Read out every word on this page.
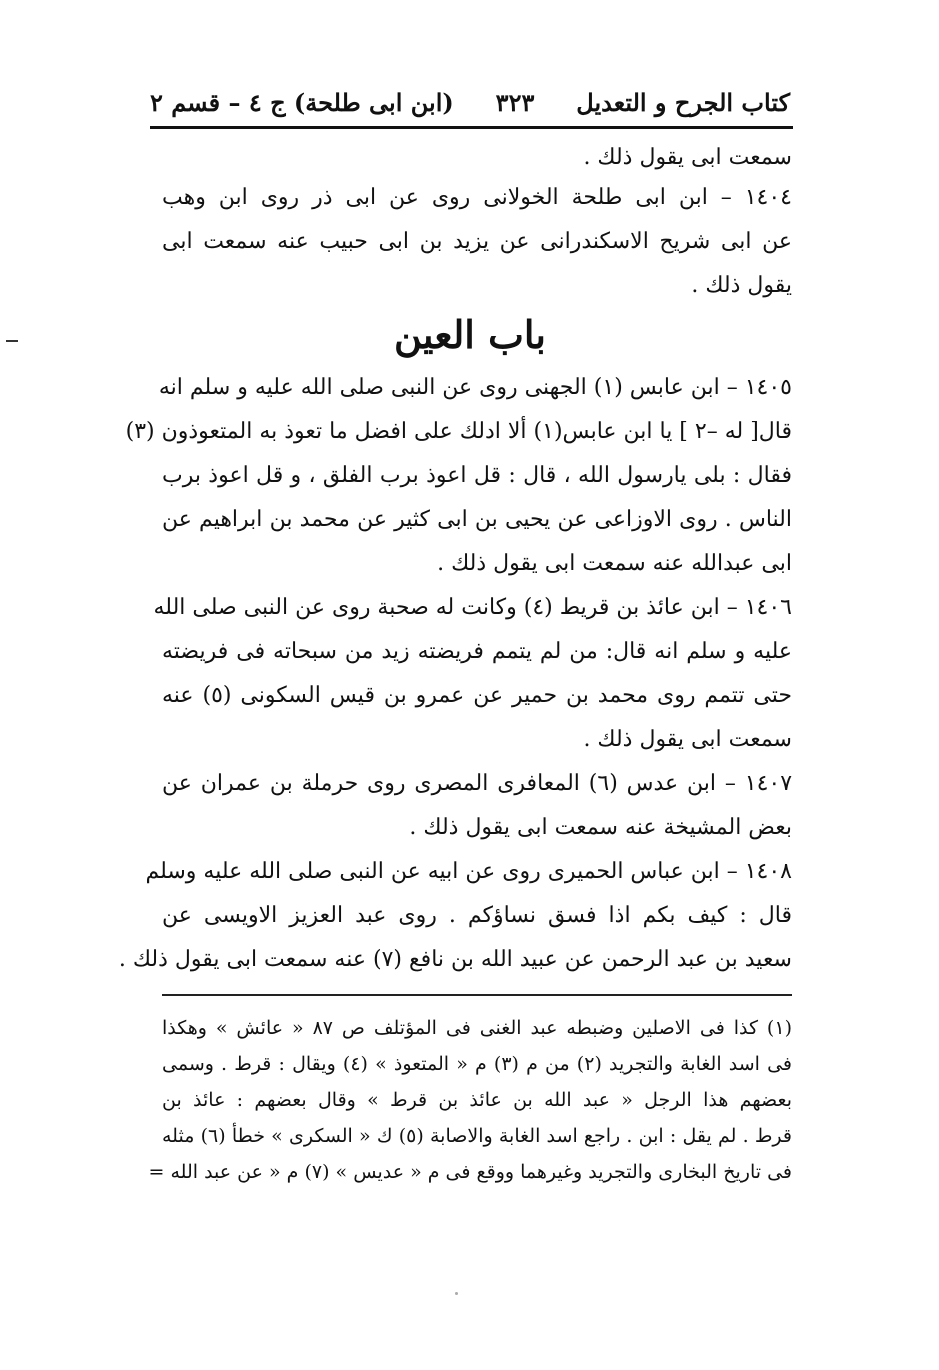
كتاب الجرح و التعديل
٣٢٣
(ابن ابی طلحة) ج ٤ – قسم ٢
سمعت ابی يقول ذلك .
١٤٠٤ – ابن ابی طلحة الخولانی روی عن ابی ذر روی ابن وهب
عن ابی شريح الاسكندرانی عن يزيد بن ابی حبيب عنه سمعت ابی
يقول ذلك .
باب العين
١٤٠٥ – ابن عابس (١) الجهنی روی عن النبی صلی الله عليه و سلم انه
قال[ له –٢ ] يا ابن عابس(١) ألا ادلك علی افضل ما تعوذ به المتعوذون (٣)
فقال : بلی يارسول الله ، قال : قل اعوذ برب الفلق ، و قل اعوذ برب
الناس . روی الاوزاعی عن يحيی بن ابی كثير عن محمد بن ابراهيم عن
ابی عبدالله عنه سمعت ابی يقول ذلك .
١٤٠٦ – ابن عائذ بن قريط (٤) وكانت له صحبة روی عن النبی صلی الله
عليه و سلم انه قال: من لم يتمم فريضته زيد من سبحاته فی فريضته
حتی تتمم روی محمد بن حمير عن عمرو بن قيس السكونی (٥) عنه
سمعت ابی يقول ذلك .
١٤٠٧ – ابن عدس (٦) المعافری المصری روی حرملة بن عمران عن
بعض المشيخة عنه سمعت ابی يقول ذلك .
١٤٠٨ – ابن عباس الحميری روی عن ابيه عن النبی صلی الله عليه وسلم
قال : كيف بكم اذا فسق نساؤكم . روی عبد العزيز الاويسی عن
سعيد بن عبد الرحمن عن عبيد الله بن نافع (٧) عنه سمعت ابی يقول ذلك .
(١) كذا فی الاصلين وضبطه عبد الغنی فی المؤتلف ص ٨٧ « عائش » وهكذا
فی اسد الغابة والتجريد (٢) من م (٣) م « المتعوذ » (٤) ويقال : قرط . وسمی
بعضهم هذا الرجل « عبد الله بن عائذ بن قرط » وقال بعضهم : عائذ بن
قرط . لم يقل : ابن . راجع اسد الغابة والاصابة (٥) ك « السكری » خطأ (٦) مثله
فی تاريخ البخاری والتجريد وغيرهما ووقع فی م « عديس » (٧) م « عن عبد الله =
